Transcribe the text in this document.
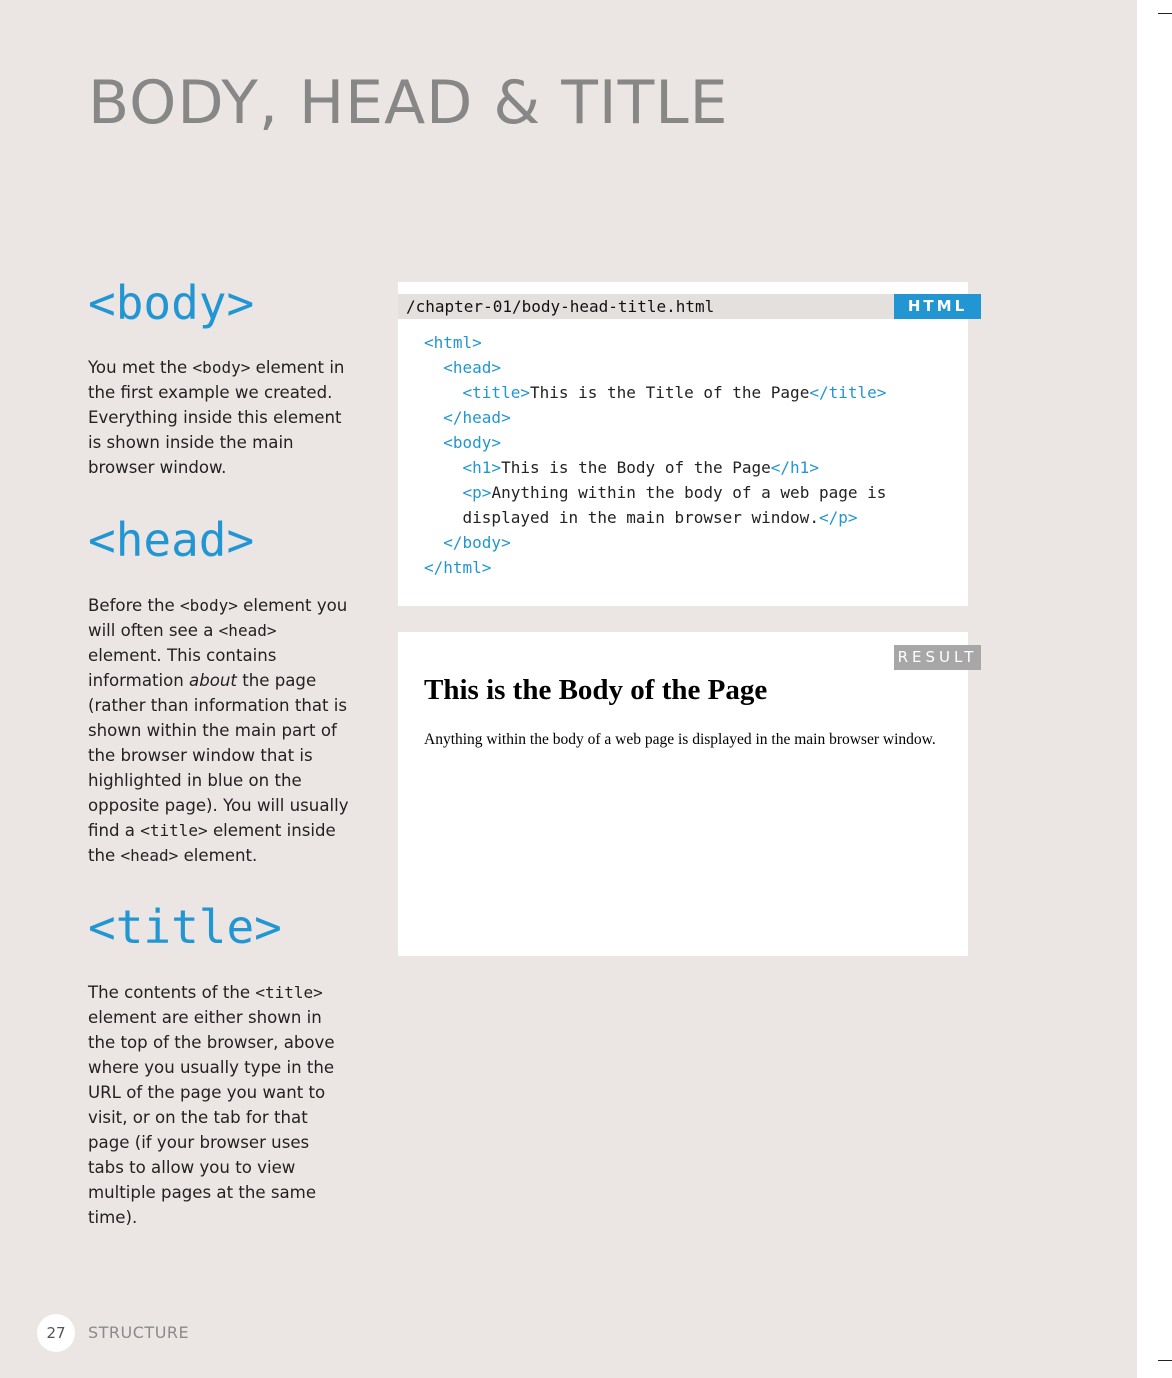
BODY, HEAD & TITLE
<body>

You met the <body> element in the first example we created. Everything inside this element is shown inside the main browser window.

<head>

Before the <body> element you will often see a <head> element. This contains information about the page (rather than information that is shown within the main part of the browser window that is highlighted in blue on the opposite page). You will usually find a <title> element inside the <head> element.

<title>

The contents of the <title> element are either shown in the top of the browser, above where you usually type in the URL of the page you want to visit, or on the tab for that page (if your browser uses tabs to allow you to view multiple pages at the same time).

/chapter-01/body-head-title.html	HTML
<html>
<head>
<title>This is the Title of the Page</title>
</head>
<body>
<h1>This is the Body of the Page</h1>
<p>Anything within the body of a web page is
displayed in the main browser window.</p>
</body>
</html>
RESULT
This is the Body of the Page
Anything within the body of a web page is displayed in the main browser window.
27	STRUCTURE
